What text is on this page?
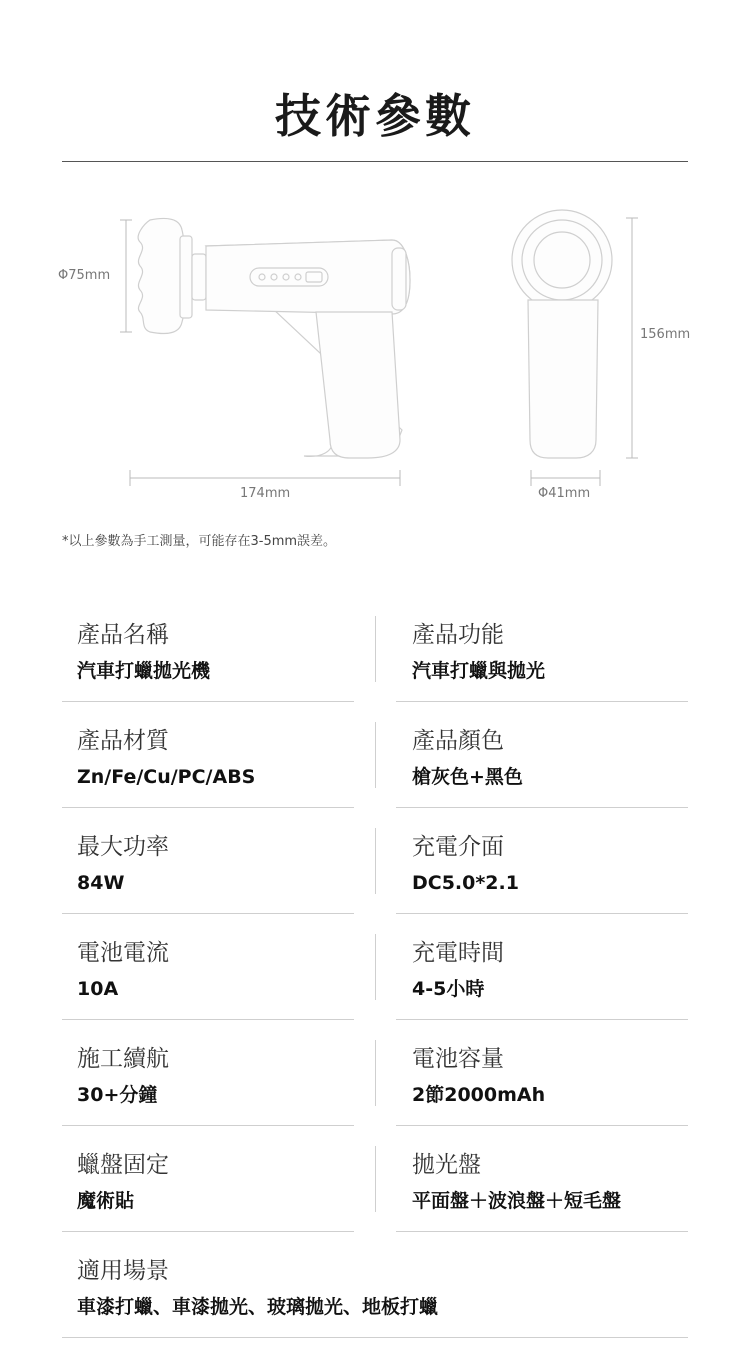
技術參數
Φ75mm
174mm
156mm
Φ41mm
*以上參數為手工測量，可能存在3-5mm誤差。
產品名稱
汽車打蠟拋光機
產品功能
汽車打蠟與拋光
產品材質
Zn/Fe/Cu/PC/ABS
產品顏色
槍灰色+黑色
最大功率
84W
充電介面
DC5.0*2.1
電池電流
10A
充電時間
4-5小時
施工續航
30+分鐘
電池容量
2節2000mAh
蠟盤固定
魔術貼
拋光盤
平面盤＋波浪盤＋短毛盤
適用場景
車漆打蠟、車漆拋光、玻璃拋光、地板打蠟
